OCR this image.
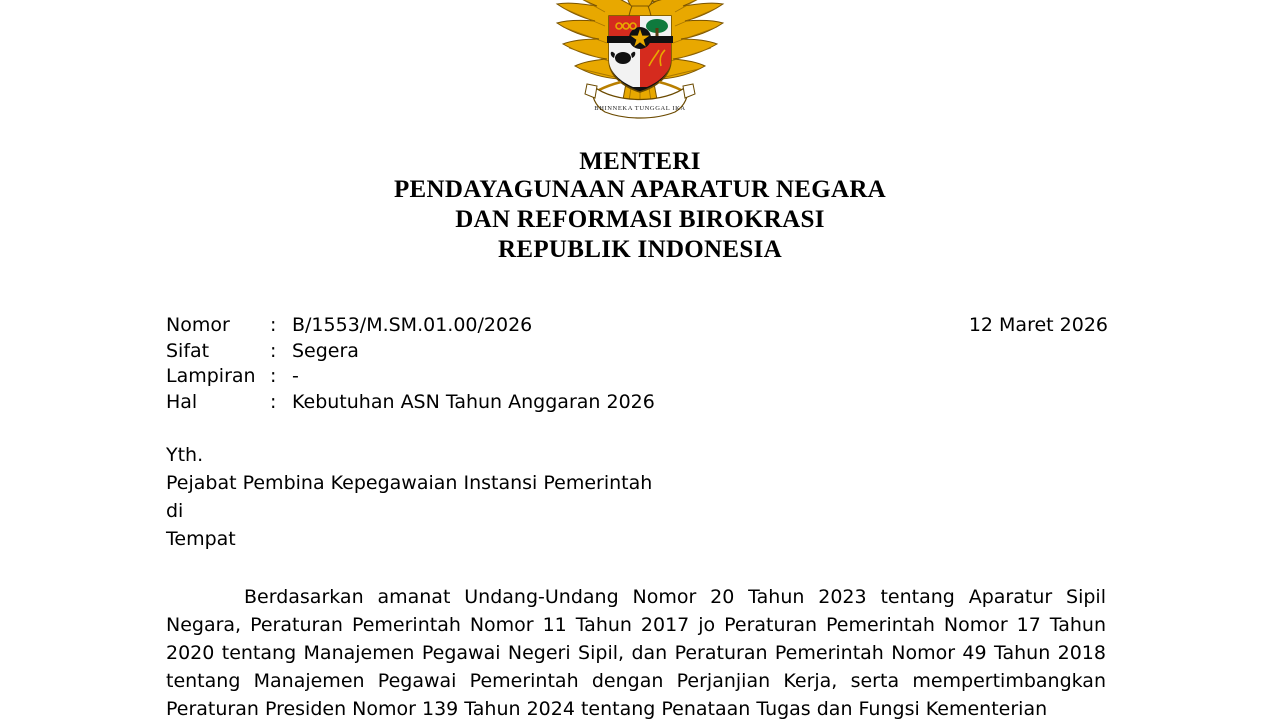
BHINNEKA TUNGGAL IKA
MENTERI
PENDAYAGUNAAN APARATUR NEGARA
DAN REFORMASI BIROKRASI
REPUBLIK INDONESIA
Nomor	: B/1553/M.SM.01.00/2026
Sifat	: Segera
Lampiran : -
Hal	: Kebutuhan ASN Tahun Anggaran 2026
12 Maret 2026
Yth.
Pejabat Pembina Kepegawaian Instansi Pemerintah
di
Tempat

Berdasarkan amanat Undang-Undang Nomor 20 Tahun 2023 tentang Aparatur Sipil Negara, Peraturan Pemerintah Nomor 11 Tahun 2017 jo Peraturan Pemerintah Nomor 17 Tahun 2020 tentang Manajemen Pegawai Negeri Sipil, dan Peraturan Pemerintah Nomor 49 Tahun 2018 tentang Manajemen Pegawai Pemerintah dengan Perjanjian Kerja, serta mempertimbangkan Peraturan Presiden Nomor 139 Tahun 2024 tentang Penataan Tugas dan Fungsi Kementerian
